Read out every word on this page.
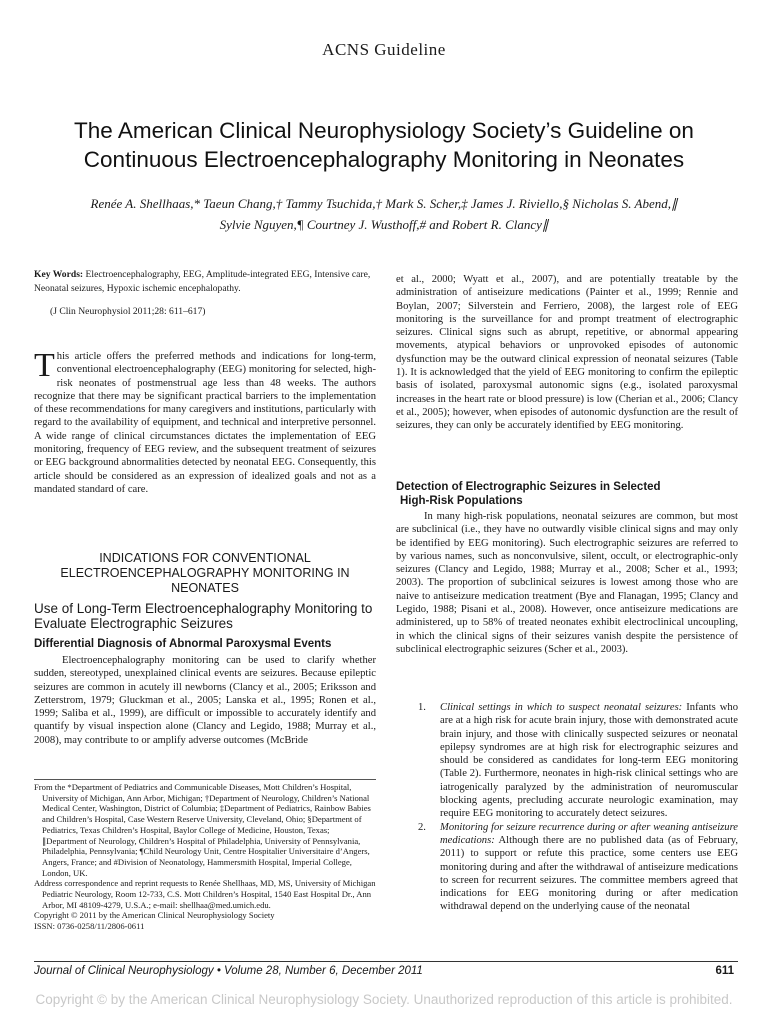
ACNS Guideline
The American Clinical Neurophysiology Society’s Guideline on
Continuous Electroencephalography Monitoring in Neonates
Renée A. Shellhaas,* Taeun Chang,† Tammy Tsuchida,† Mark S. Scher,‡ James J. Riviello,§ Nicholas S. Abend,∥
Sylvie Nguyen,¶ Courtney J. Wusthoff,# and Robert R. Clancy∥
Key Words: Electroencephalography, EEG, Amplitude-integrated EEG, Intensive care, Neonatal seizures, Hypoxic ischemic encephalopathy.
(J Clin Neurophysiol 2011;28: 611–617)
T his article offers the preferred methods and indications for long-term, conventional electroencephalography (EEG) monitoring for selected, high-risk neonates of postmenstrual age less than 48 weeks. The authors recognize that there may be significant practical barriers to the implementation of these recommendations for many caregivers and institutions, particularly with regard to the availability of equipment, and technical and interpretive personnel. A wide range of clinical circumstances dictates the implementation of EEG monitoring, frequency of EEG review, and the subsequent treatment of seizures or EEG background abnormalities detected by neonatal EEG. Consequently, this article should be considered as an expression of idealized goals and not as a mandated standard of care.
INDICATIONS FOR CONVENTIONAL ELECTROENCEPHALOGRAPHY MONITORING IN NEONATES
Use of Long-Term Electroencephalography Monitoring to Evaluate Electrographic Seizures
Differential Diagnosis of Abnormal Paroxysmal Events
Electroencephalography monitoring can be used to clarify whether sudden, stereotyped, unexplained clinical events are seizures. Because epileptic seizures are common in acutely ill newborns (Clancy et al., 2005; Eriksson and Zetterstrom, 1979; Gluckman et al., 2005; Lanska et al., 1995; Ronen et al., 1999; Saliba et al., 1999), are difficult or impossible to accurately identify and quantify by visual inspection alone (Clancy and Legido, 1988; Murray et al., 2008), may contribute to or amplify adverse outcomes (McBride

From the *Department of Pediatrics and Communicable Diseases, Mott Children’s Hospital, University of Michigan, Ann Arbor, Michigan; †Department of Neurology, Children’s National Medical Center, Washington, District of Columbia; ‡Department of Pediatrics, Rainbow Babies and Children’s Hospital, Case Western Reserve University, Cleveland, Ohio; §Department of Pediatrics, Texas Children’s Hospital, Baylor College of Medicine, Houston, Texas; ∥Department of Neurology, Children’s Hospital of Philadelphia, University of Pennsylvania, Philadelphia, Pennsylvania; ¶Child Neurology Unit, Centre Hospitalier Universitaire d’Angers, Angers, France; and #Division of Neonatology, Hammersmith Hospital, Imperial College, London, UK.

Address correspondence and reprint requests to Renée Shellhaas, MD, MS, University of Michigan Pediatric Neurology, Room 12-733, C.S. Mott Children’s Hospital, 1540 East Hospital Dr., Ann Arbor, MI 48109-4279, U.S.A.; e-mail: shellhaa@med.umich.edu.

Copyright © 2011 by the American Clinical Neurophysiology Society

ISSN: 0736-0258/11/2806-0611

et al., 2000; Wyatt et al., 2007), and are potentially treatable by the administration of antiseizure medications (Painter et al., 1999; Rennie and Boylan, 2007; Silverstein and Ferriero, 2008), the largest role of EEG monitoring is the surveillance for and prompt treatment of electrographic seizures. Clinical signs such as abrupt, repetitive, or abnormal appearing movements, atypical behaviors or unprovoked episodes of autonomic dysfunction may be the outward clinical expression of neonatal seizures (Table 1). It is acknowledged that the yield of EEG monitoring to confirm the epileptic basis of isolated, paroxysmal autonomic signs (e.g., isolated paroxysmal increases in the heart rate or blood pressure) is low (Cherian et al., 2006; Clancy et al., 2005); however, when episodes of autonomic dysfunction are the result of seizures, they can only be accurately identified by EEG monitoring.
Detection of Electrographic Seizures in Selected
High-Risk Populations
In many high-risk populations, neonatal seizures are common, but most are subclinical (i.e., they have no outwardly visible clinical signs and may only be identified by EEG monitoring). Such electrographic seizures are referred to by various names, such as nonconvulsive, silent, occult, or electrographic-only seizures (Clancy and Legido, 1988; Murray et al., 2008; Scher et al., 1993; 2003). The proportion of subclinical seizures is lowest among those who are naive to antiseizure medication treatment (Bye and Flanagan, 1995; Clancy and Legido, 1988; Pisani et al., 2008). However, once antiseizure medications are administered, up to 58% of treated neonates exhibit electroclinical uncoupling, in which the clinical signs of their seizures vanish despite the persistence of subclinical electrographic seizures (Scher et al., 2003).
1.	Clinical settings in which to suspect neonatal seizures: Infants who are at a high risk for acute brain injury, those with demonstrated acute brain injury, and those with clinically suspected seizures or neonatal epilepsy syndromes are at high risk for electrographic seizures and should be considered as candidates for long-term EEG monitoring (Table 2). Furthermore, neonates in high-risk clinical settings who are iatrogenically paralyzed by the administration of neuromuscular blocking agents, precluding accurate neurologic examination, may require EEG monitoring to accurately detect seizures.
2.	Monitoring for seizure recurrence during or after weaning antiseizure medications: Although there are no published data (as of February, 2011) to support or refute this practice, some centers use EEG monitoring during and after the withdrawal of antiseizure medications to screen for recurrent seizures. The committee members agreed that indications for EEG monitoring during or after medication withdrawal depend on the underlying cause of the neonatal
Journal of Clinical Neurophysiology • Volume 28, Number 6, December 2011	611
Copyright © by the American Clinical Neurophysiology Society. Unauthorized reproduction of this article is prohibited.
